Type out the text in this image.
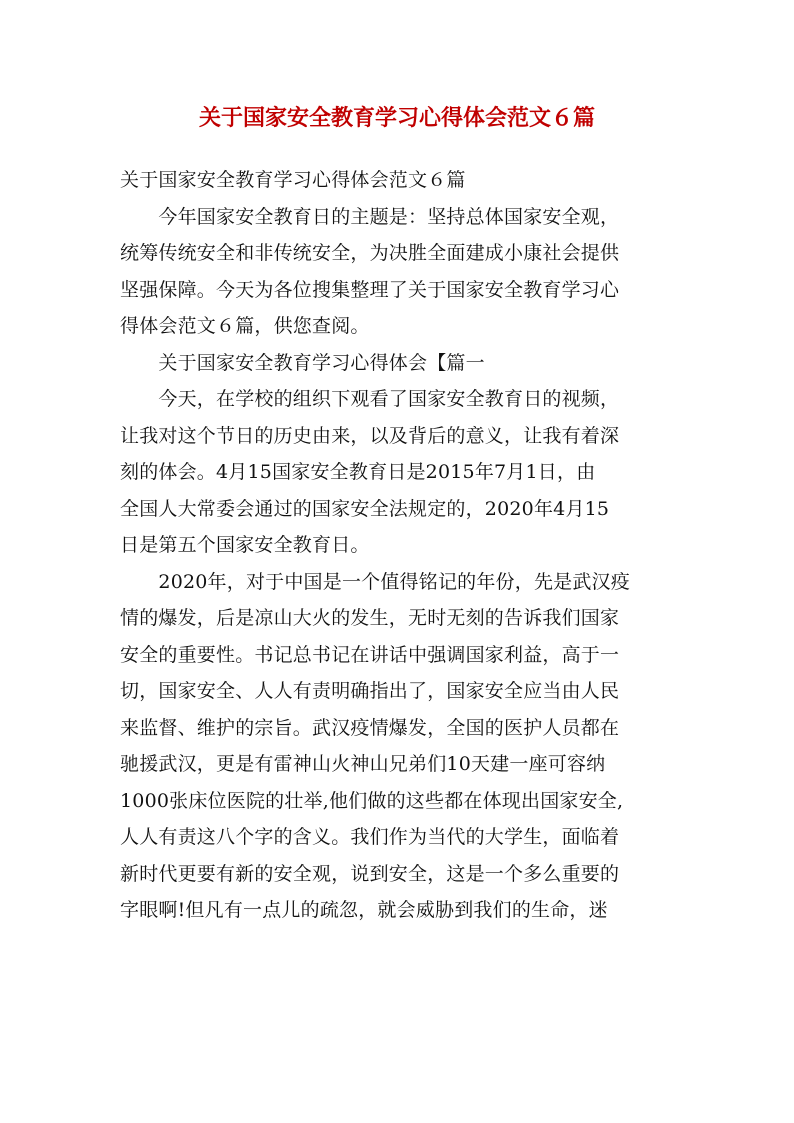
关于国家安全教育学习心得体会范文６篇

关于国家安全教育学习心得体会范文６篇

　　今年国家安全教育日的主题是：坚持总体国家安全观，

统筹传统安全和非传统安全，为决胜全面建成小康社会提供

坚强保障。今天为各位搜集整理了关于国家安全教育学习心

得体会范文６篇，供您查阅。

　　关于国家安全教育学习心得体会【篇一

　　今天，在学校的组织下观看了国家安全教育日的视频，

让我对这个节日的历史由来，以及背后的意义，让我有着深

刻的体会。4月15国家安全教育日是2015年7月1日，由

全国人大常委会通过的国家安全法规定的，2020年4月15

日是第五个国家安全教育日。

　　2020年，对于中国是一个值得铭记的年份，先是武汉疫

情的爆发，后是凉山大火的发生，无时无刻的告诉我们国家

安全的重要性。书记总书记在讲话中强调国家利益，高于一

切，国家安全、人人有责明确指出了，国家安全应当由人民

来监督、维护的宗旨。武汉疫情爆发，全国的医护人员都在

驰援武汉，更是有雷神山火神山兄弟们10天建一座可容纳

1000张床位医院的壮举,他们做的这些都在体现出国家安全,

人人有责这八个字的含义。我们作为当代的大学生，面临着

新时代更要有新的安全观，说到安全，这是一个多么重要的

字眼啊!但凡有一点儿的疏忽，就会威胁到我们的生命，迷
